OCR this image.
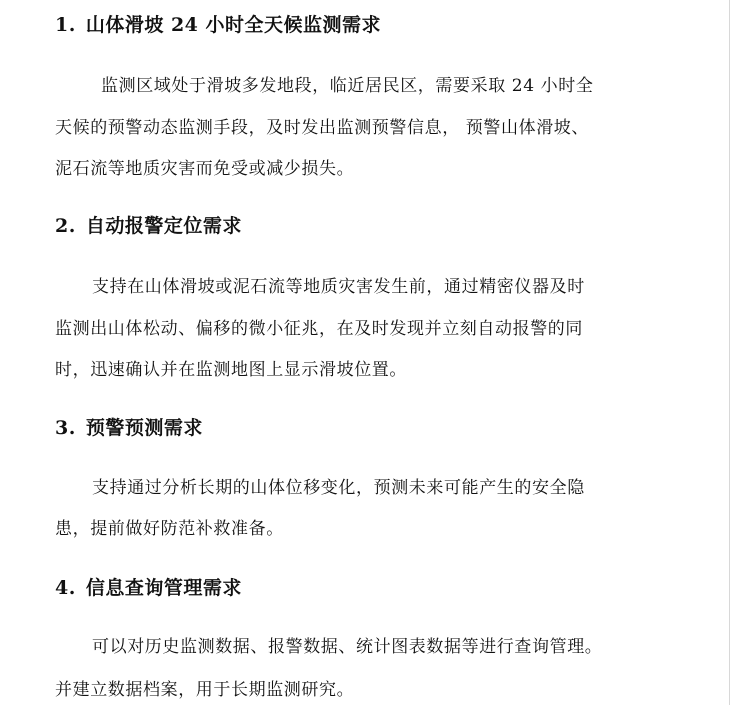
1. 山体滑坡 24 小时全天候监测需求
监测区域处于滑坡多发地段，临近居民区，需要采取 24 小时全
天候的预警动态监测手段，及时发出监测预警信息， 预警山体滑坡、
泥石流等地质灾害而免受或减少损失。
2. 自动报警定位需求
支持在山体滑坡或泥石流等地质灾害发生前，通过精密仪器及时
监测出山体松动、偏移的微小征兆，在及时发现并立刻自动报警的同
时，迅速确认并在监测地图上显示滑坡位置。
3. 预警预测需求
支持通过分析长期的山体位移变化，预测未来可能产生的安全隐
患，提前做好防范补救准备。
4. 信息查询管理需求
可以对历史监测数据、报警数据、统计图表数据等进行查询管理。
并建立数据档案，用于长期监测研究。
